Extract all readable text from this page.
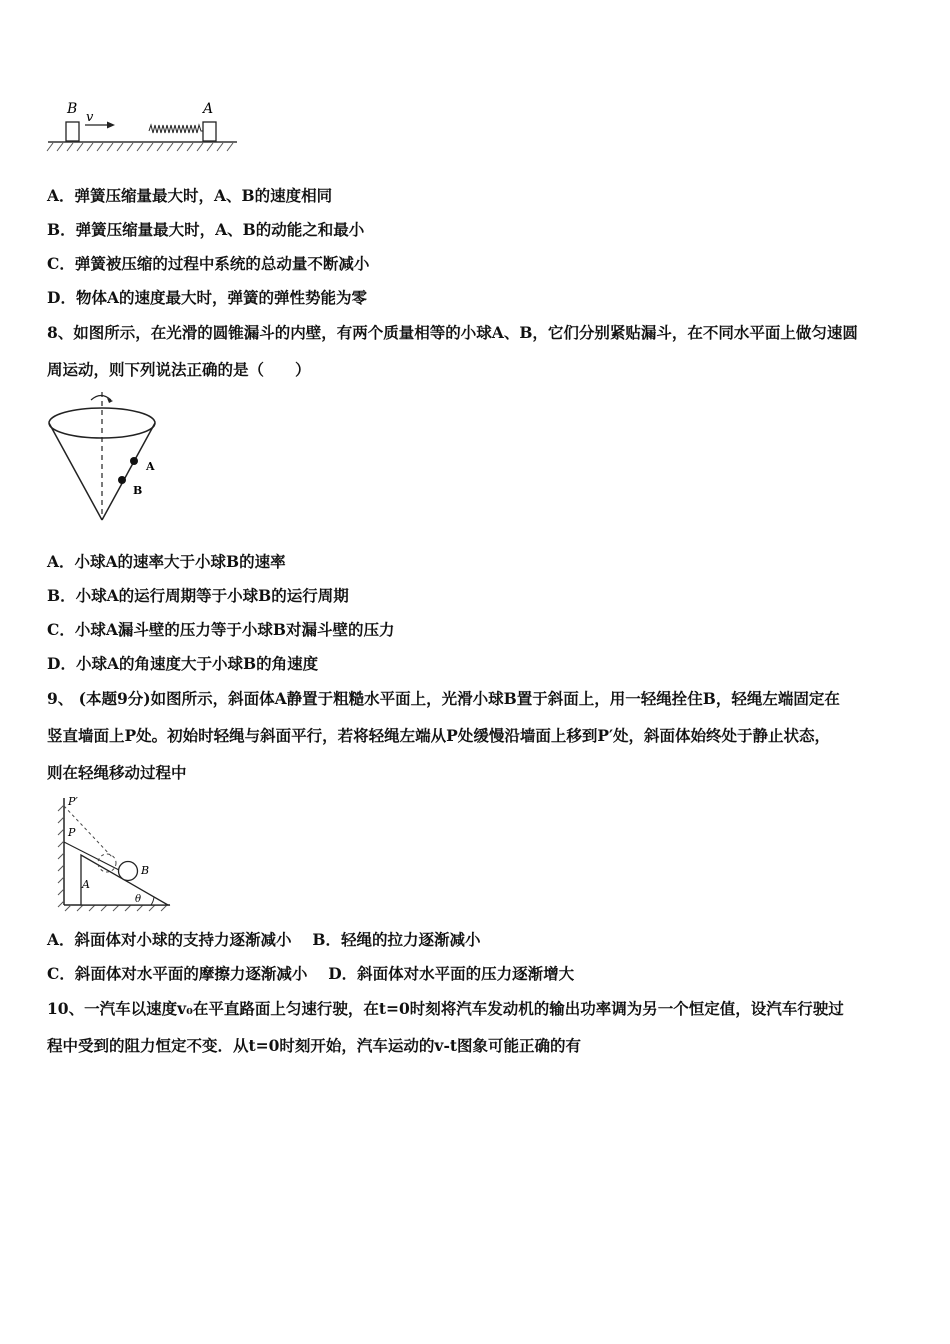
B
v
A
A．弹簧压缩量最大时，A、B的速度相同
B．弹簧压缩量最大时，A、B的动能之和最小
C．弹簧被压缩的过程中系统的总动量不断减小
D．物体A的速度最大时，弹簧的弹性势能为零
8、如图所示，在光滑的圆锥漏斗的内壁，有两个质量相等的小球A、B，它们分别紧贴漏斗，在不同水平面上做匀速圆
周运动，则下列说法正确的是（　　）
A
B
A．小球A的速率大于小球B的速率
B．小球A的运行周期等于小球B的运行周期
C．小球A漏斗壁的压力等于小球B对漏斗壁的压力
D．小球A的角速度大于小球B的角速度
9、 (本题9分)如图所示，斜面体A静置于粗糙水平面上，光滑小球B置于斜面上，用一轻绳拴住B，轻绳左端固定在
竖直墙面上P处。初始时轻绳与斜面平行，若将轻绳左端从P处缓慢沿墙面上移到P′处，斜面体始终处于静止状态，
则在轻绳移动过程中
P′
P
B
A
θ
A．斜面体对小球的支持力逐渐减小　 B．轻绳的拉力逐渐减小
C．斜面体对水平面的摩擦力逐渐减小　 D．斜面体对水平面的压力逐渐增大
10、一汽车以速度v₀在平直路面上匀速行驶，在t=0时刻将汽车发动机的输出功率调为另一个恒定值，设汽车行驶过
程中受到的阻力恒定不变．从t=0时刻开始，汽车运动的v-t图象可能正确的有
